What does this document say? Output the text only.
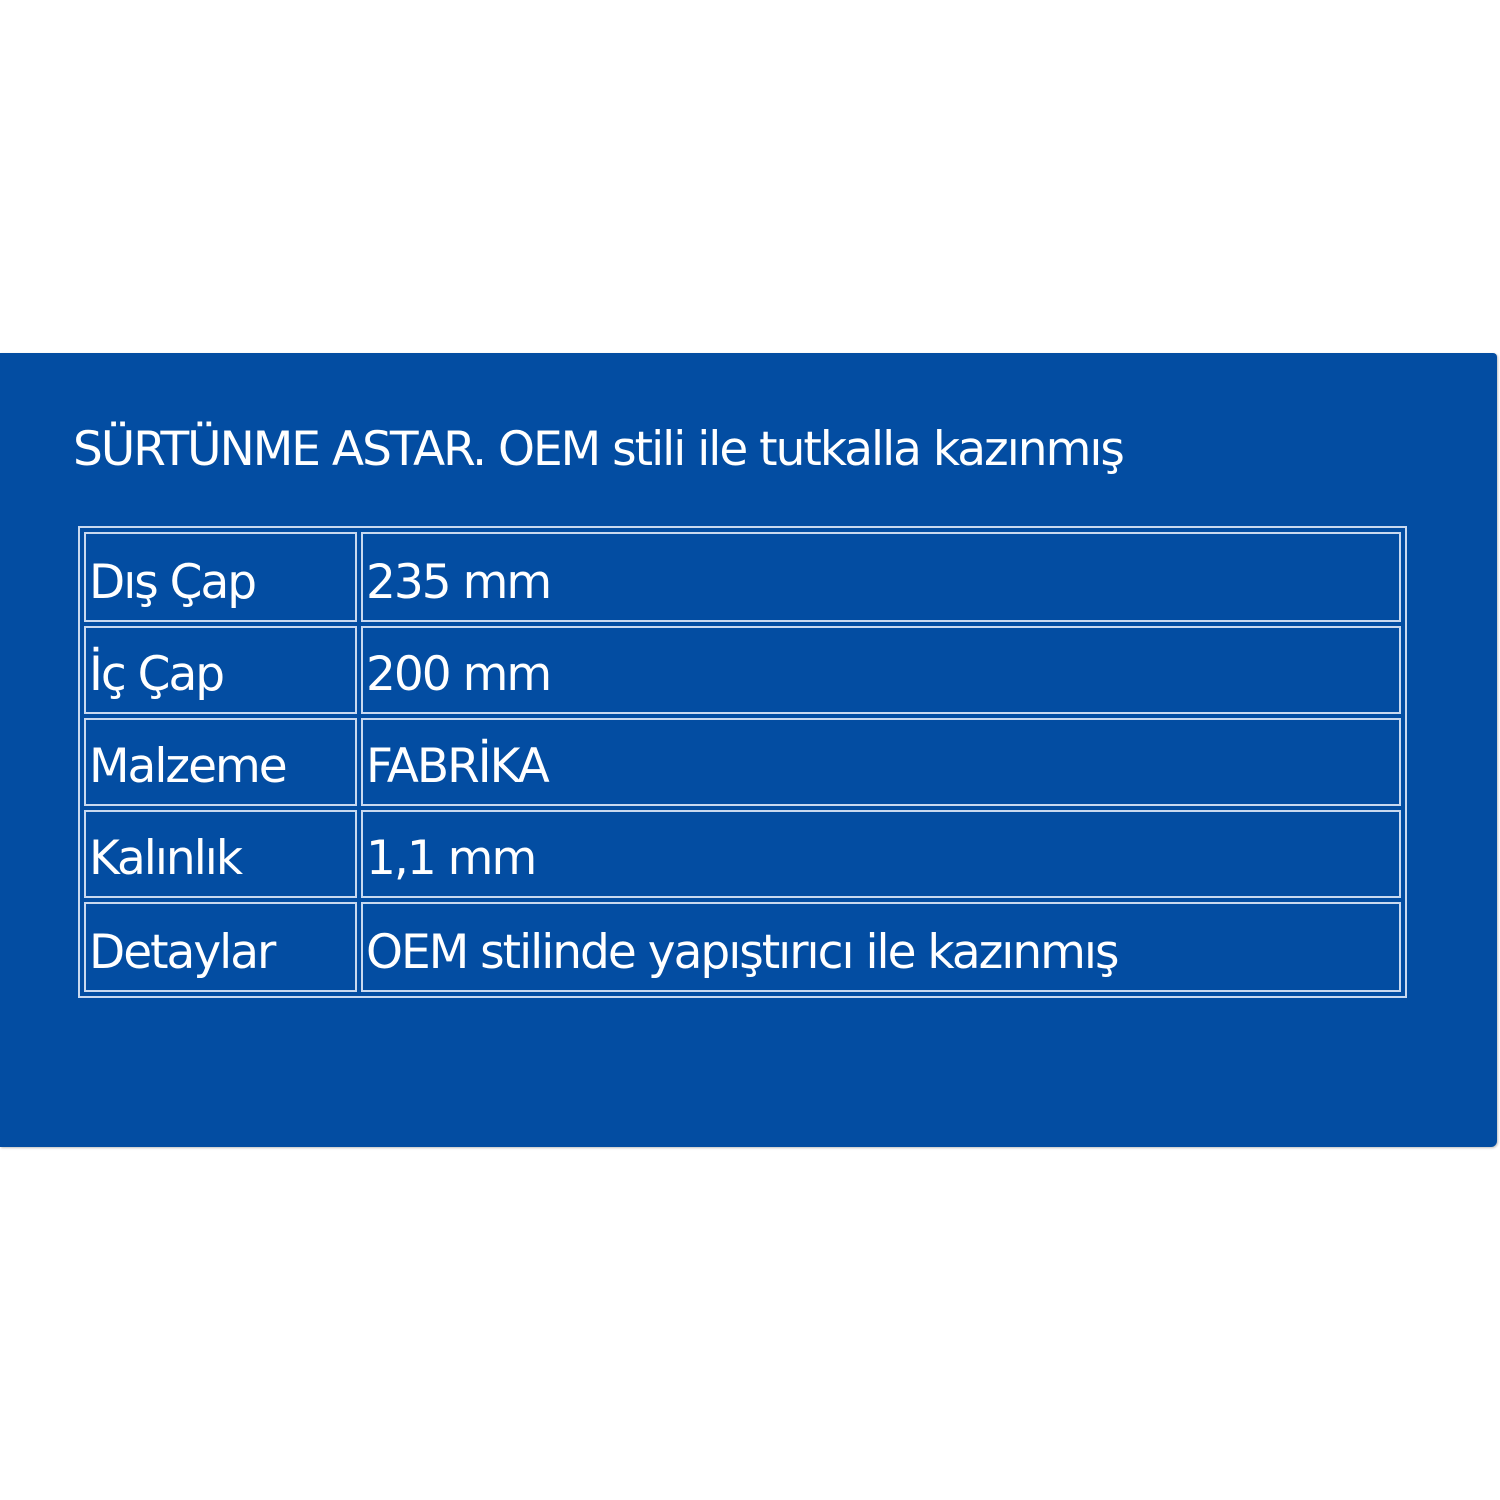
SÜRTÜNME ASTAR. OEM stili ile tutkalla kazınmış
Dış Çap	235 mm
İç Çap	200 mm
Malzeme	FABRİKA
Kalınlık	1,1 mm
Detaylar	OEM stilinde yapıştırıcı ile kazınmış
